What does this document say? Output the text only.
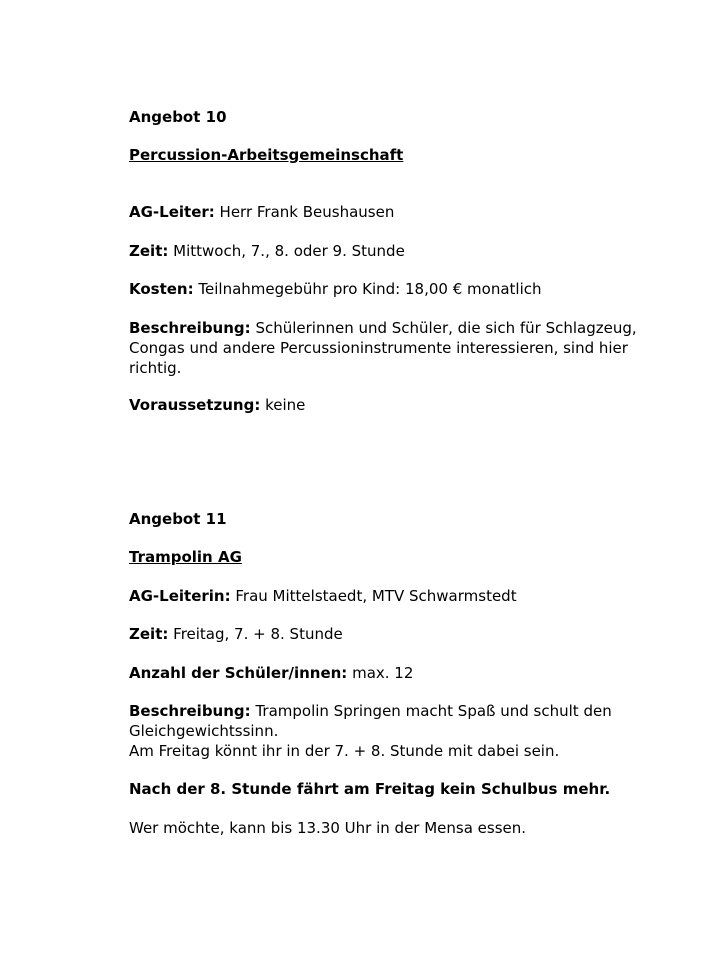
Angebot 10

Percussion-Arbeitsgemeinschaft

AG-Leiter: Herr Frank Beushausen

Zeit: Mittwoch, 7., 8. oder 9. Stunde

Kosten: Teilnahmegebühr pro Kind: 18,00 € monatlich

Beschreibung: Schülerinnen und Schüler, die sich für Schlagzeug,

Congas und andere Percussioninstrumente interessieren, sind hier

richtig.

Voraussetzung: keine

Angebot 11

Trampolin AG

AG-Leiterin: Frau Mittelstaedt, MTV Schwarmstedt

Zeit: Freitag, 7. + 8. Stunde

Anzahl der Schüler/innen: max. 12

Beschreibung: Trampolin Springen macht Spaß und schult den

Gleichgewichtssinn.

Am Freitag könnt ihr in der 7. + 8. Stunde mit dabei sein.

Nach der 8. Stunde fährt am Freitag kein Schulbus mehr.

Wer möchte, kann bis 13.30 Uhr in der Mensa essen.
